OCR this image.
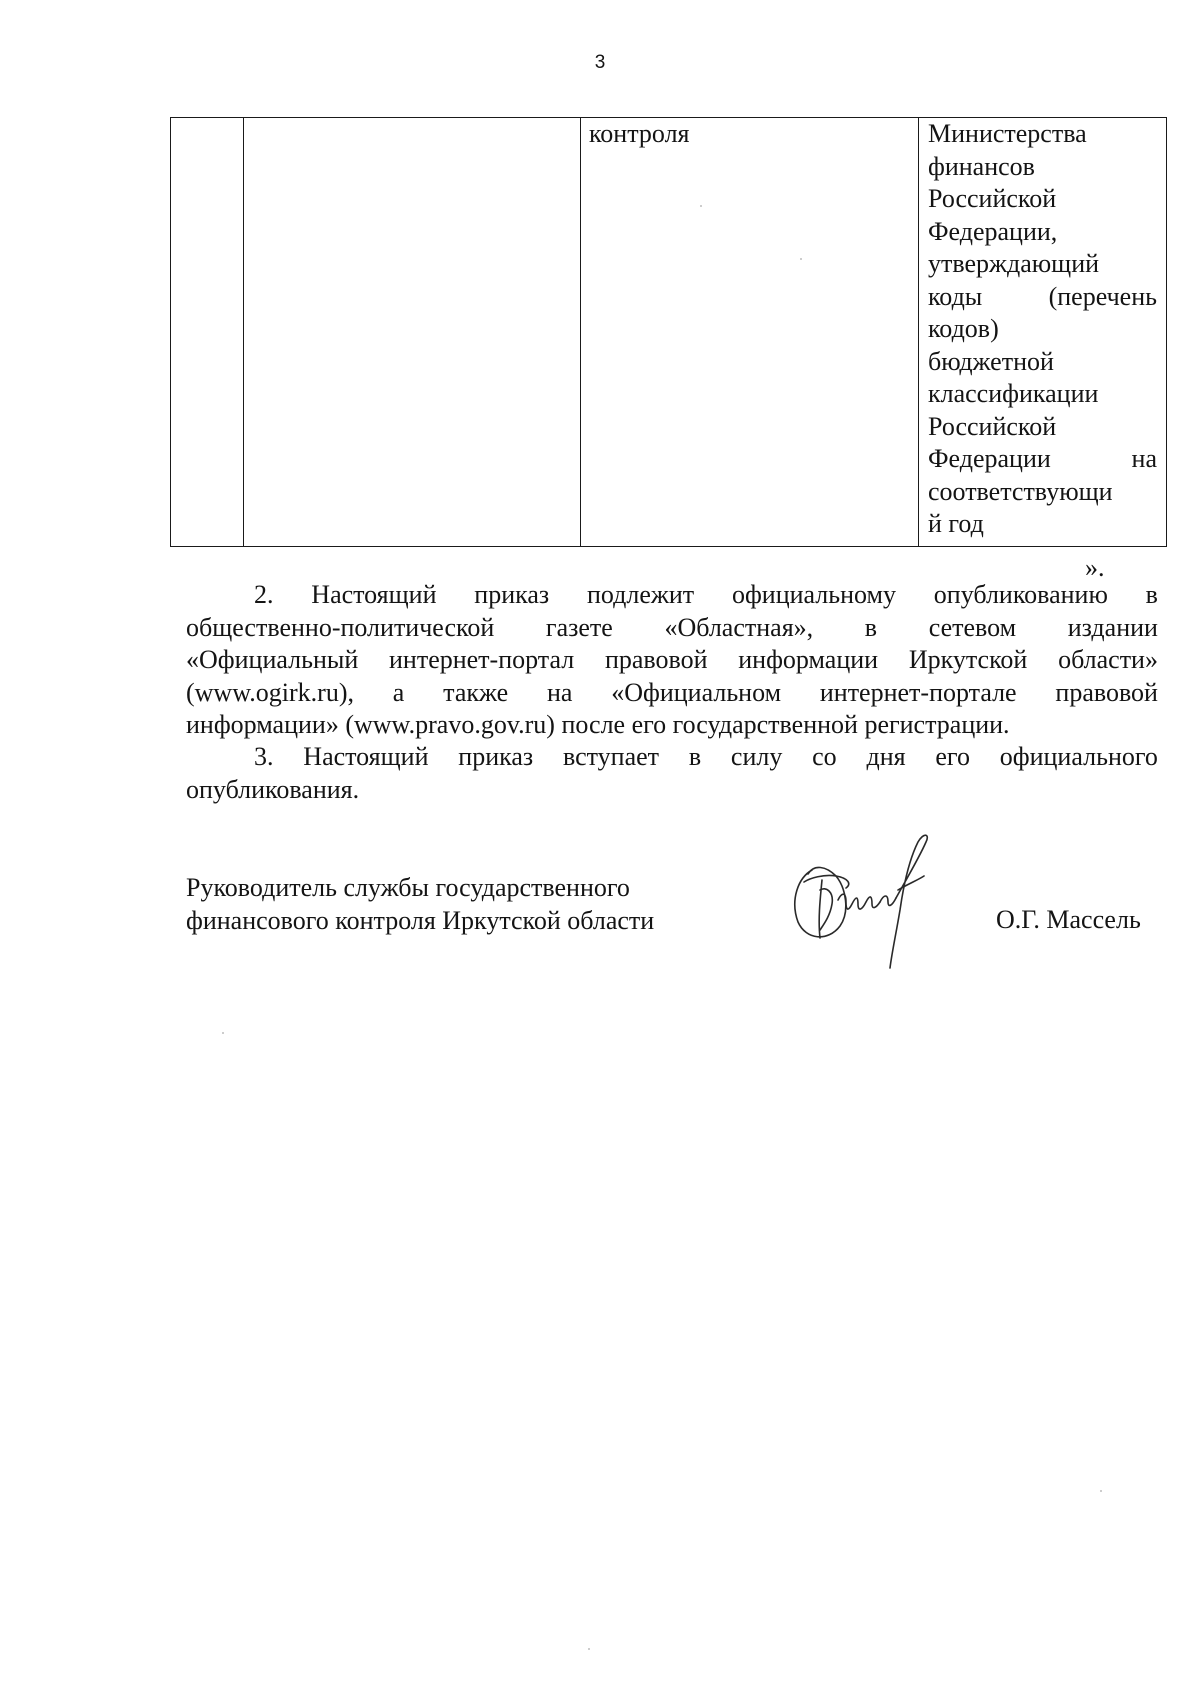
3
		контроля	Министерства
финансов
Российской
Федерации,
утверждающий
коды	(перечень
кодов)
бюджетной
классификации
Российской
Федерации	на
соответствующи
й год
».
2. Настоящий приказ подлежит официальному опубликованию в
общественно-политической газете «Областная», в сетевом издании
«Официальный интернет-портал правовой информации Иркутской области»
(www.ogirk.ru), а также на «Официальном интернет-портале правовой
информации» (www.pravo.gov.ru) после его государственной регистрации.
3. Настоящий приказ вступает в силу со дня его официального
опубликования.
Руководитель службы государственного
финансового контроля Иркутской области	О.Г. Массель
